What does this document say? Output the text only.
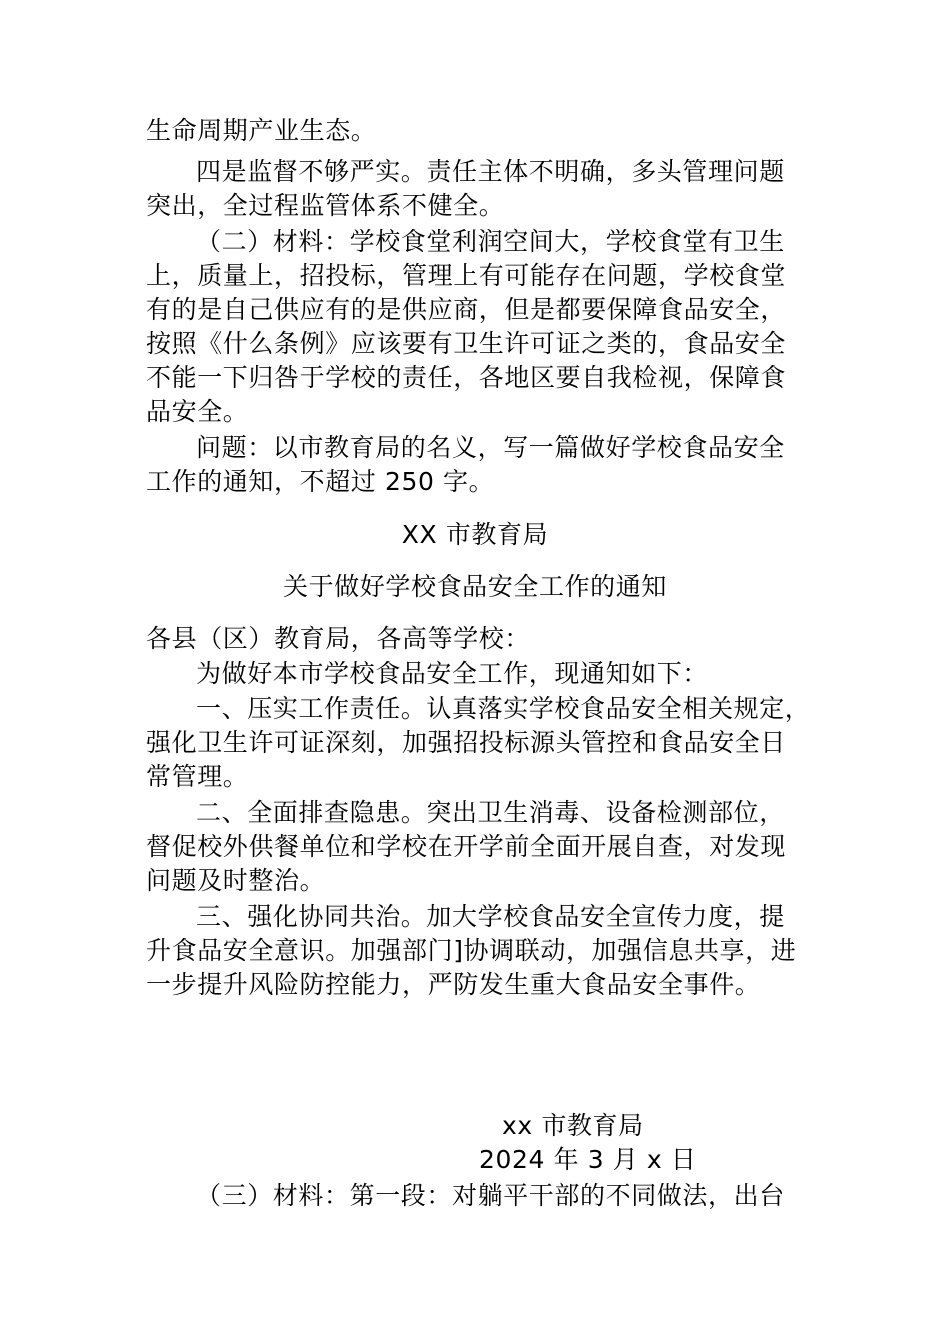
生命周期产业生态。
四是监督不够严实。责任主体不明确，多头管理问题
突出，全过程监管体系不健全。
（二）材料：学校食堂利润空间大，学校食堂有卫生
上，质量上，招投标，管理上有可能存在问题，学校食堂
有的是自己供应有的是供应商，但是都要保障食品安全，
按照《什么条例》应该要有卫生许可证之类的，食品安全
不能一下归咎于学校的责任，各地区要自我检视，保障食
品安全。
问题：以市教育局的名义，写一篇做好学校食品安全
工作的通知，不超过 250 字。
XX 市教育局
关于做好学校食品安全工作的通知
各县（区）教育局，各高等学校：
为做好本市学校食品安全工作，现通知如下：
一、压实工作责任。认真落实学校食品安全相关规定，
强化卫生许可证深刻，加强招投标源头管控和食品安全日
常管理。
二、全面排查隐患。突出卫生消毒、设备检测部位，
督促校外供餐单位和学校在开学前全面开展自查，对发现
问题及时整治。
三、强化协同共治。加大学校食品安全宣传力度，提
升食品安全意识。加强部门]协调联动，加强信息共享，进
一步提升风险防控能力，严防发生重大食品安全事件。
xx 市教育局
2024 年 3 月 x 日
（三）材料：第一段：对躺平干部的不同做法，出台
